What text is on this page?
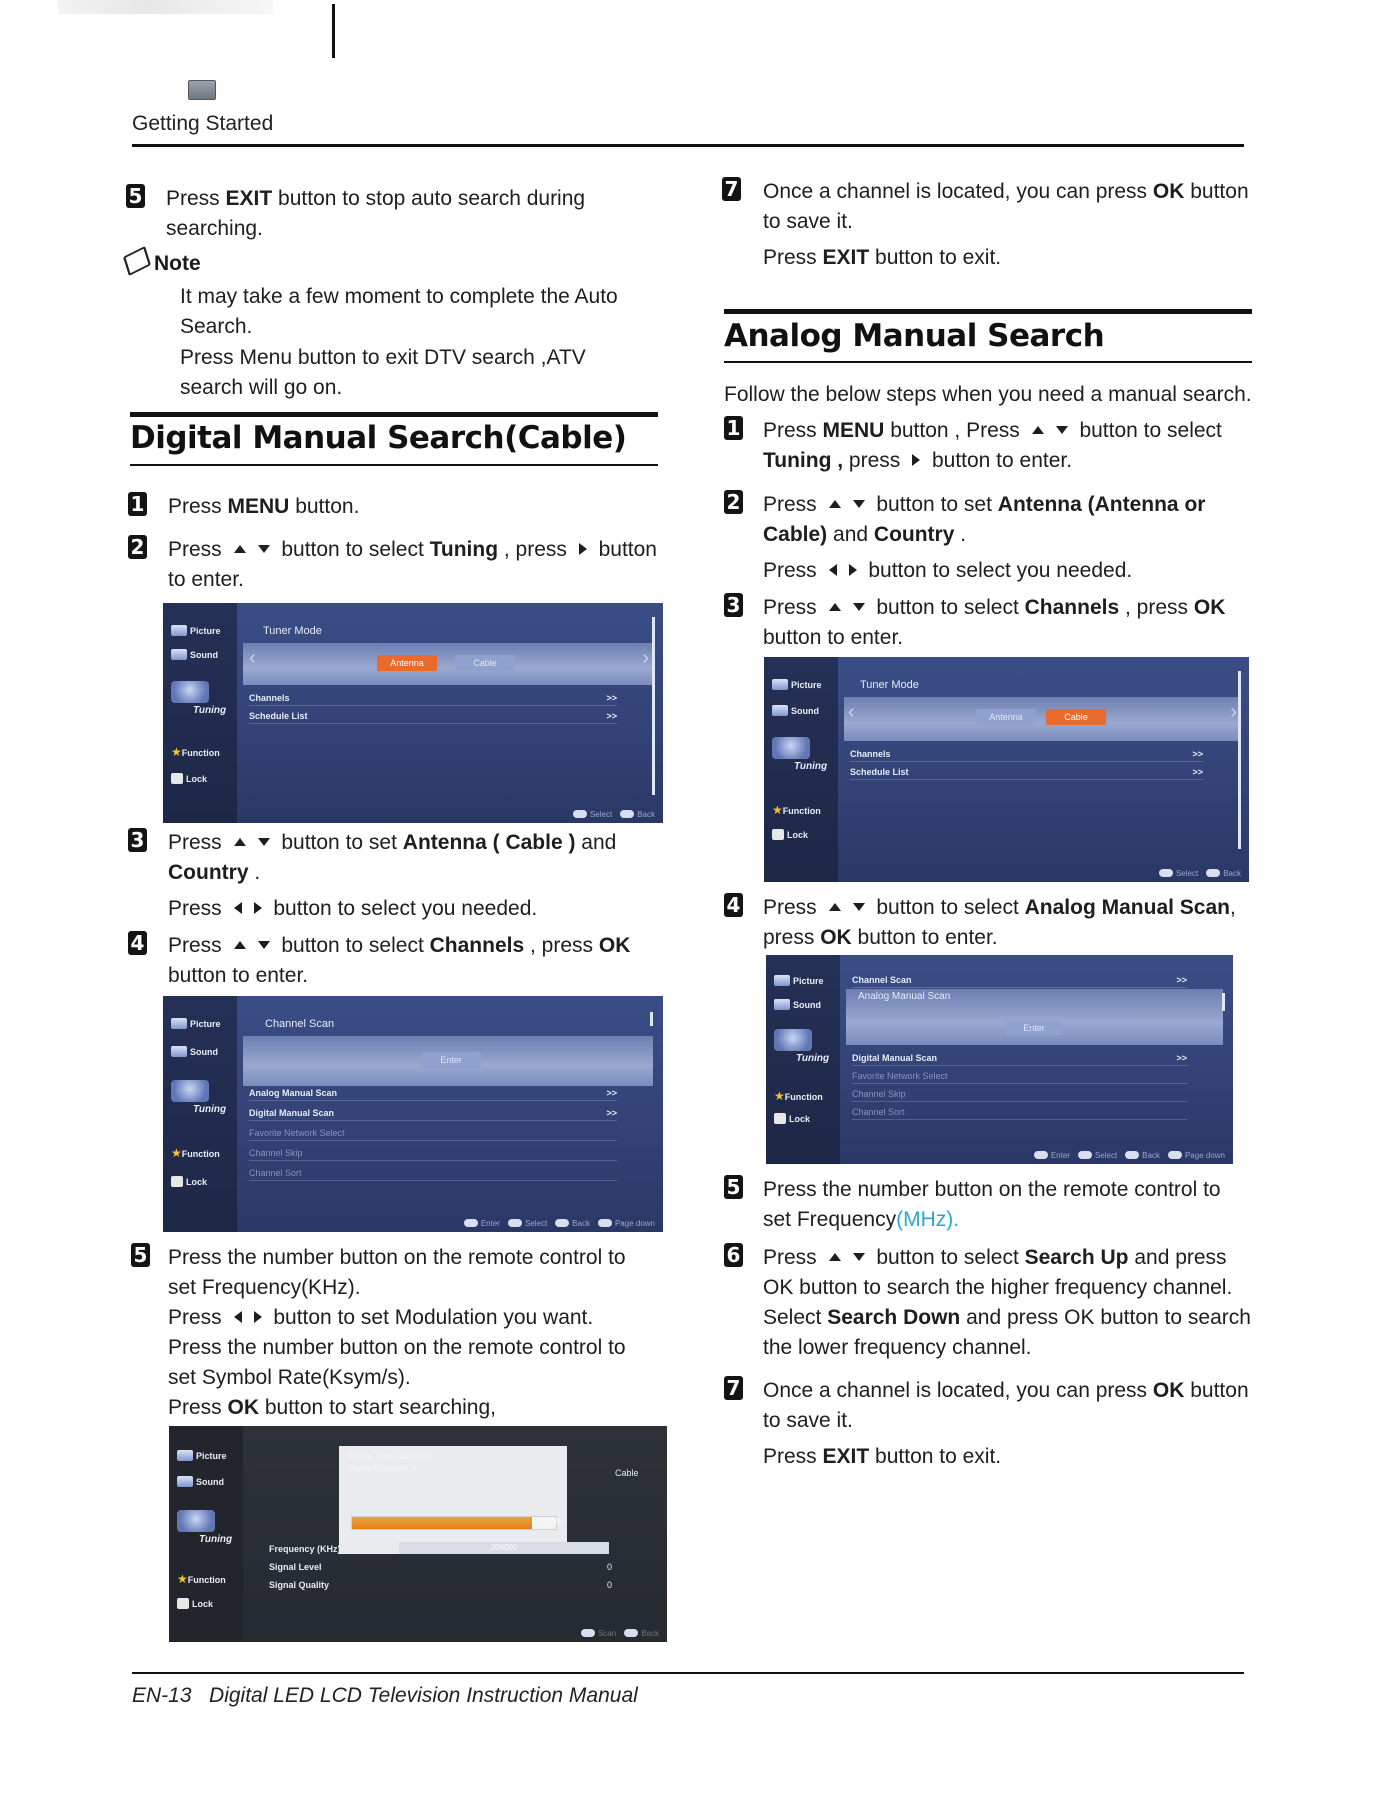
Getting Started
5 Press EXIT button to stop auto search during searching.
Note
It may take a few moment to complete the Auto Search.
Press Menu button to exit DTV search ,ATV search will go on.
Digital Manual Search(Cable)
1 Press MENU button.
2 Press  button to select Tuning , press  button to enter.
Picture
Sound
Tuning
★Function
Lock
Tuner Mode
‹	›
Antenna	Cable
Channels	>>
Schedule List	>>
Select	Back
3 Press  button to set Antenna ( Cable ) and Country .
Press  button to select you needed.
4 Press  button to select Channels , press OK button to enter.
Picture
Sound
Tuning
★Function
Lock
Channel Scan
Enter
Analog Manual Scan	>>
Digital Manual Scan	>>
Favorite Network Select
Channel Skip
Channel Sort
Enter	Select	Back	Page down
5 Press the number button on the remote control to set Frequency(KHz).
Press  button to set Modulation you want.
Press the number button on the remote control to set Symbol Rate(Ksym/s).
Press OK button to start searching,
Picture
Sound
Tuning
★Function
Lock
Status: Scan Complete
Digital Channels: 0
100%
Cable
Frequency (KHz)	306000
Signal Level	0
Signal Quality	0
Scan	Back
7 Once a channel is located, you can press OK button to save it.
Press EXIT button to exit.
Analog Manual Search
Follow the below steps when you need a manual search.
1 Press MENU button , Press  button to select Tuning , press  button to enter.
2 Press  button to set Antenna (Antenna or Cable) and Country .
Press  button to select you needed.
3 Press  button to select Channels , press OK button to enter.
Picture
Sound
Tuning
★Function
Lock
Tuner Mode
‹	›
Antenna	Cable
Channels	>>
Schedule List	>>
Select	Back
4 Press  button to select Analog Manual Scan, press OK button to enter.
Picture
Sound
Tuning
★Function
Lock
Channel Scan	>>
Analog Manual Scan
Enter
Digital Manual Scan	>>
Favorite Network Select
Channel Skip
Channel Sort
Enter	Select	Back	Page down
5 Press the number button on the remote control to set Frequency(MHz).
6 Press  button to select Search Up and press OK button to search the higher frequency channel.
Select Search Down and press OK button to search the lower frequency channel.
7 Once a channel is located, you can press OK button to save it.
Press EXIT button to exit.
EN-13   Digital LED LCD Television Instruction Manual
